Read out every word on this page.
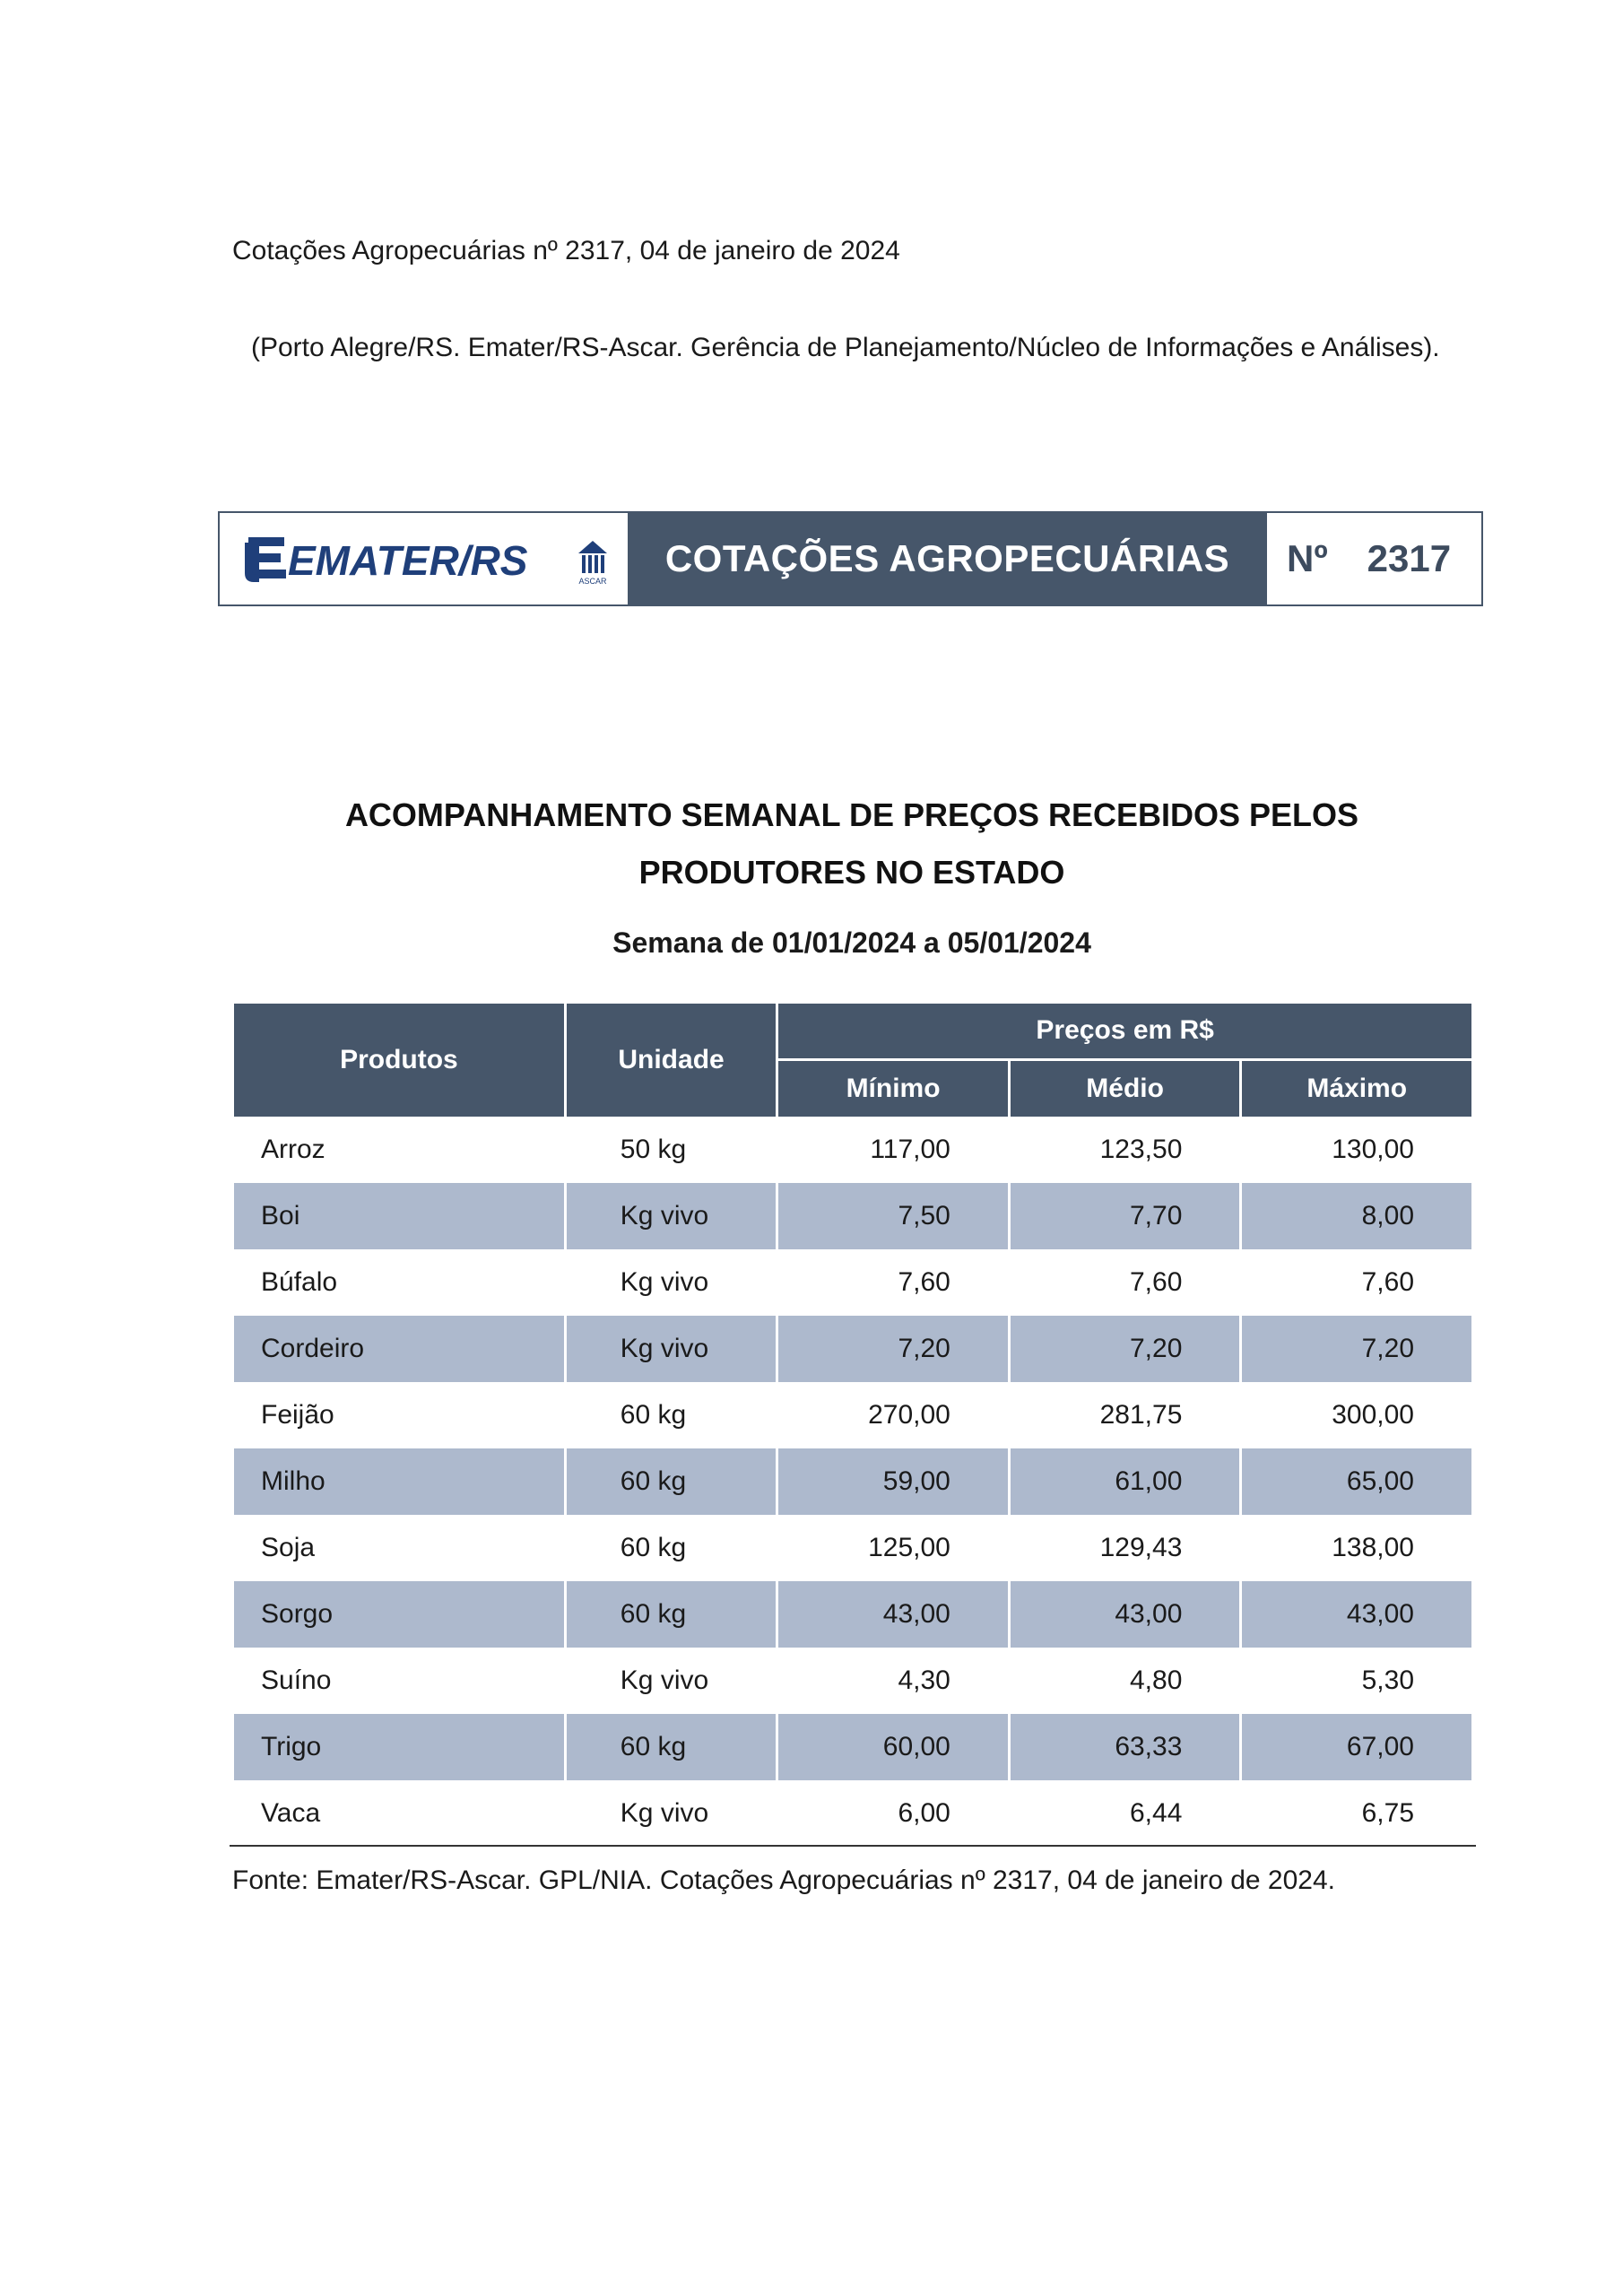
Cotações Agropecuárias nº 2317, 04 de janeiro de 2024
(Porto Alegre/RS. Emater/RS-Ascar. Gerência de Planejamento/Núcleo de Informações e Análises).
EMATER/RS	ASCAR
COTAÇÕES AGROPECUÁRIAS	Nº 2317
ACOMPANHAMENTO SEMANAL DE PREÇOS RECEBIDOS PELOS
PRODUTORES NO ESTADO
Semana de 01/01/2024 a 05/01/2024
Produtos	Unidade	Preços em R$		
		Mínimo	Médio	Máximo
Arroz	50 kg	117,00	123,50	130,00
Boi	Kg vivo	7,50	7,70	8,00
Búfalo	Kg vivo	7,60	7,60	7,60
Cordeiro	Kg vivo	7,20	7,20	7,20
Feijão	60 kg	270,00	281,75	300,00
Milho	60 kg	59,00	61,00	65,00
Soja	60 kg	125,00	129,43	138,00
Sorgo	60 kg	43,00	43,00	43,00
Suíno	Kg vivo	4,30	4,80	5,30
Trigo	60 kg	60,00	63,33	67,00
Vaca	Kg vivo	6,00	6,44	6,75
Fonte: Emater/RS-Ascar. GPL/NIA. Cotações Agropecuárias nº 2317, 04 de janeiro de 2024.
